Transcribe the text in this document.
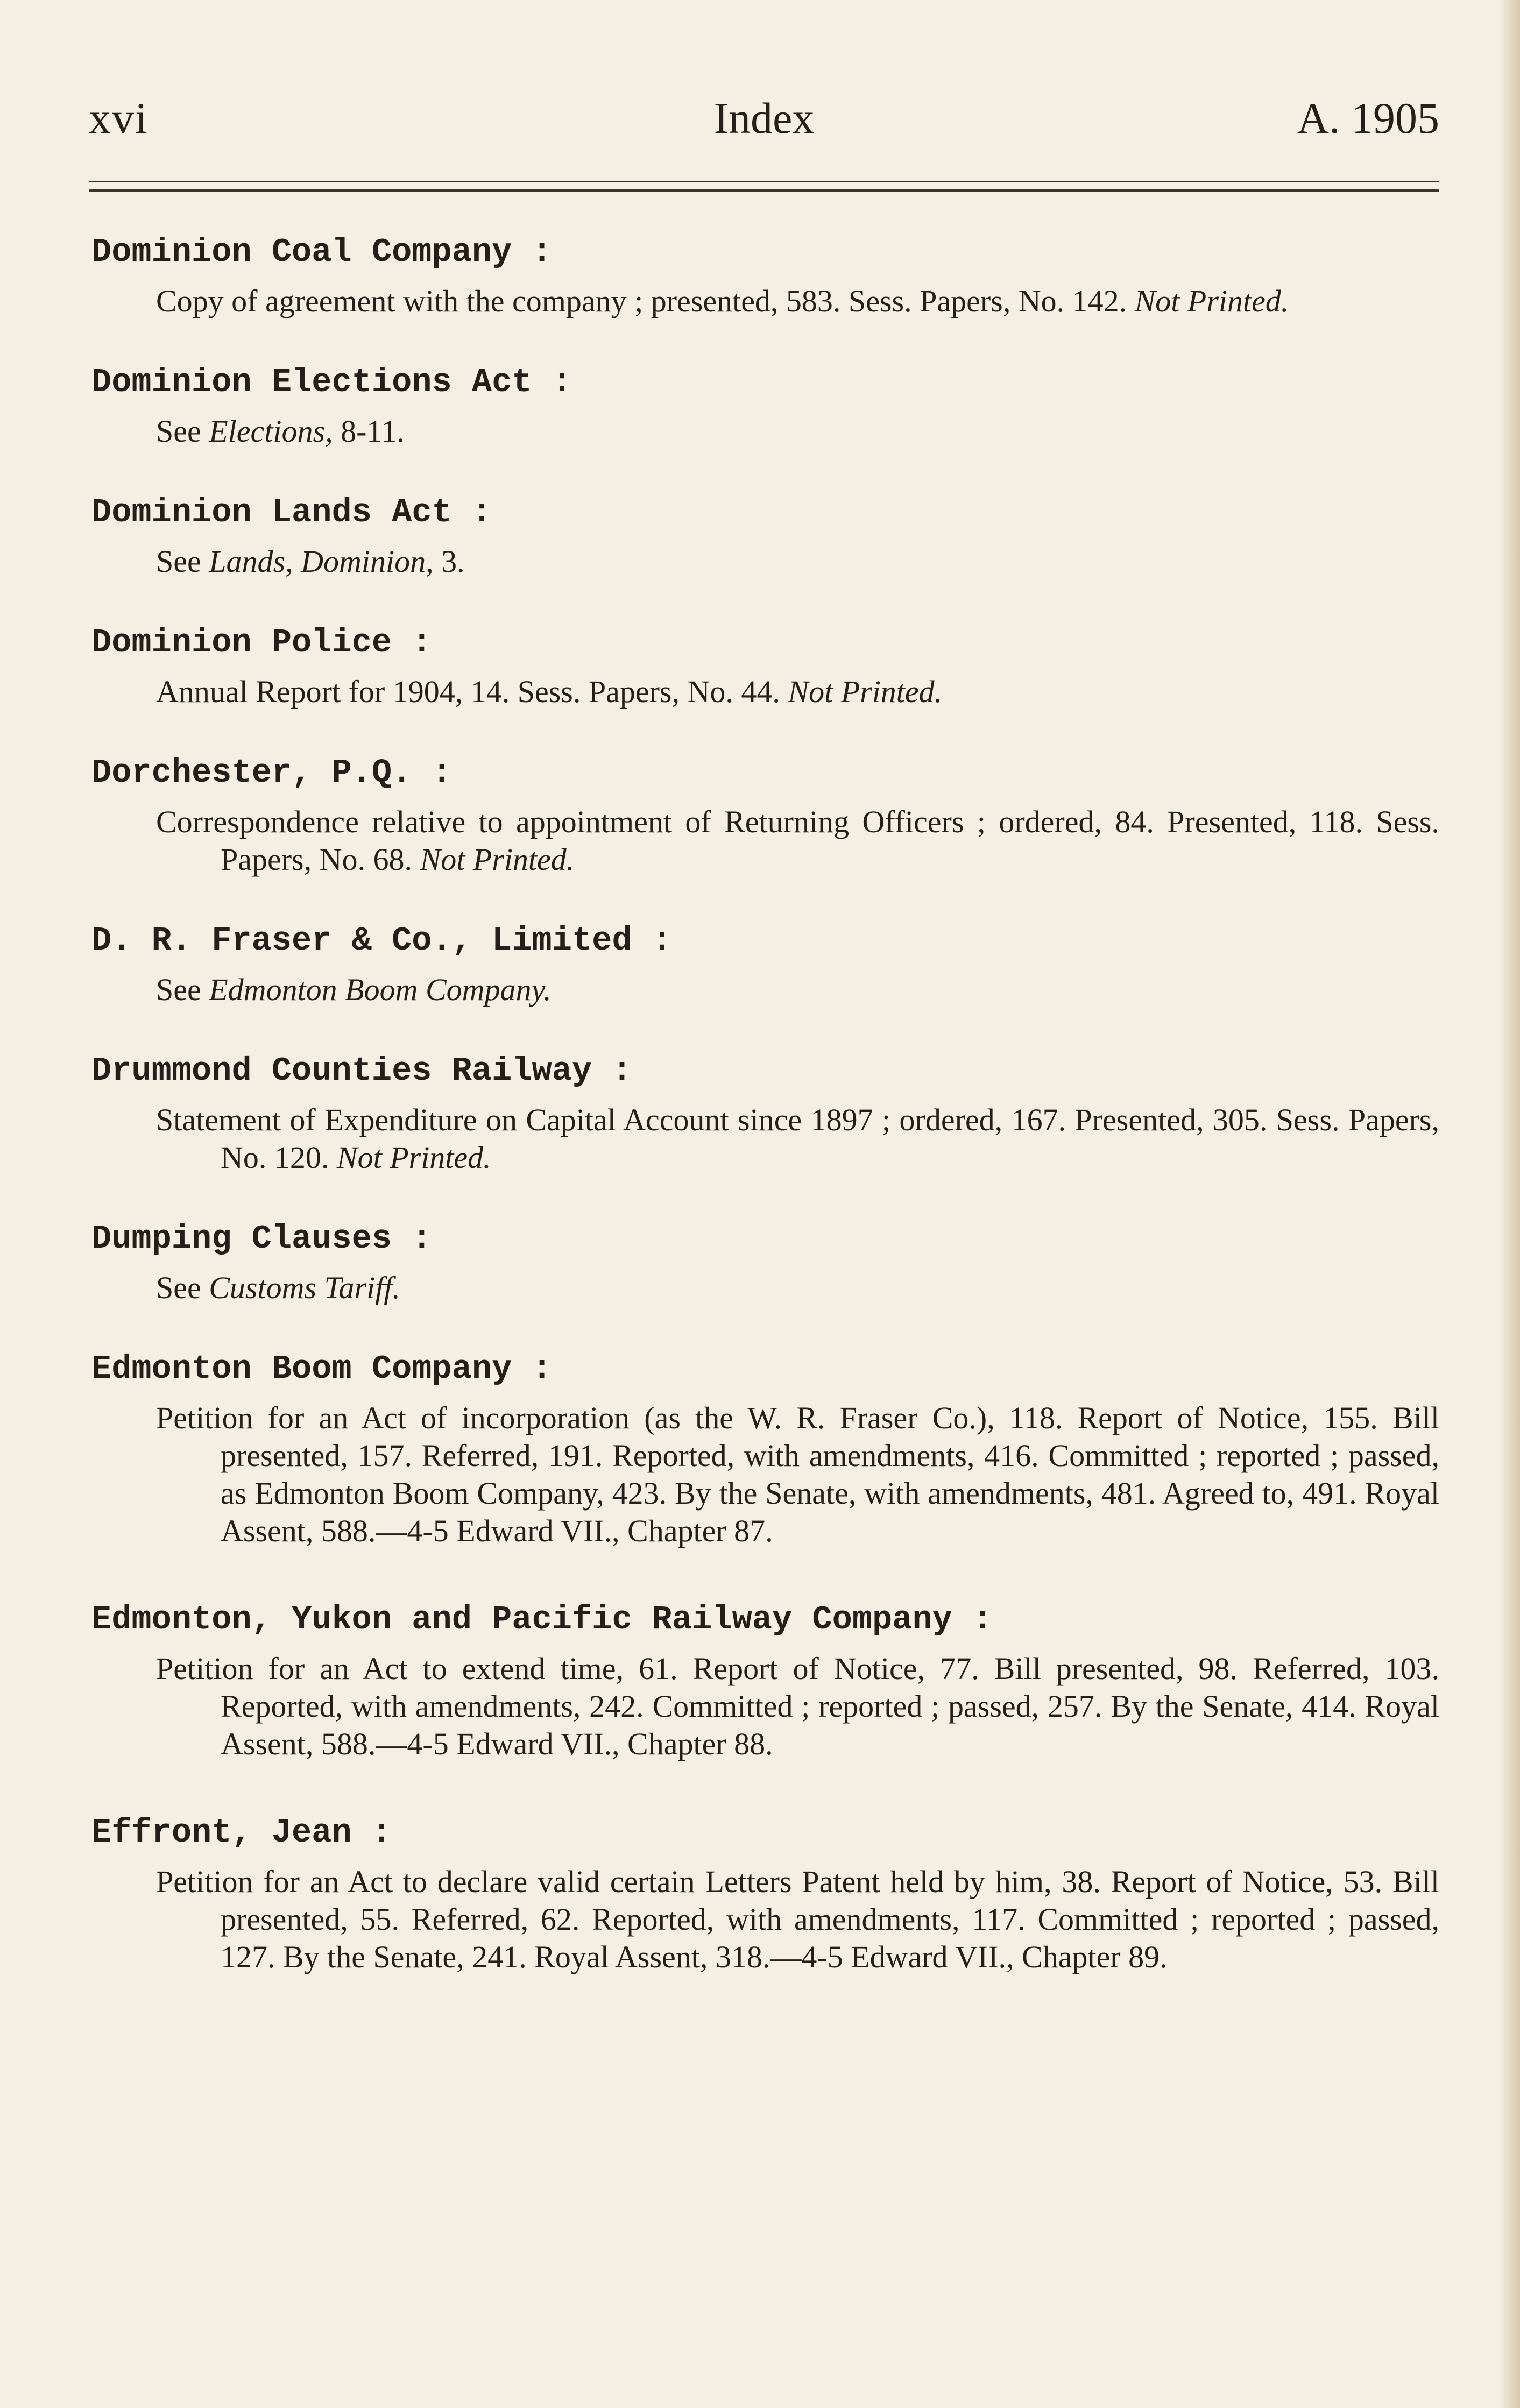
xvi	Index	A. 1905

Dominion Coal Company :

Copy of agreement with the company ; presented, 583. Sess. Papers, No. 142. Not Printed.

Dominion Elections Act :

See Elections, 8-11.

Dominion Lands Act :

See Lands, Dominion, 3.

Dominion Police :

Annual Report for 1904, 14. Sess. Papers, No. 44. Not Printed.

Dorchester, P.Q. :

Correspondence relative to appointment of Returning Officers ; ordered, 84. Presented, 118. Sess. Papers, No. 68. Not Printed.

D. R. Fraser & Co., Limited :

See Edmonton Boom Company.

Drummond Counties Railway :

Statement of Expenditure on Capital Account since 1897 ; ordered, 167. Presented, 305. Sess. Papers, No. 120. Not Printed.

Dumping Clauses :

See Customs Tariff.

Edmonton Boom Company :

Petition for an Act of incorporation (as the W. R. Fraser Co.), 118. Report of Notice, 155. Bill presented, 157. Referred, 191. Reported, with amendments, 416. Committed ; reported ; passed, as Edmonton Boom Company, 423. By the Senate, with amendments, 481. Agreed to, 491. Royal Assent, 588.—4-5 Edward VII., Chapter 87.

Edmonton, Yukon and Pacific Railway Company :

Petition for an Act to extend time, 61. Report of Notice, 77. Bill presented, 98. Referred, 103. Reported, with amendments, 242. Committed ; reported ; passed, 257. By the Senate, 414. Royal Assent, 588.—4-5 Edward VII., Chapter 88.

Effront, Jean :

Petition for an Act to declare valid certain Letters Patent held by him, 38. Report of Notice, 53. Bill presented, 55. Referred, 62. Reported, with amendments, 117. Committed ; reported ; passed, 127. By the Senate, 241. Royal Assent, 318.—4-5 Edward VII., Chapter 89.
